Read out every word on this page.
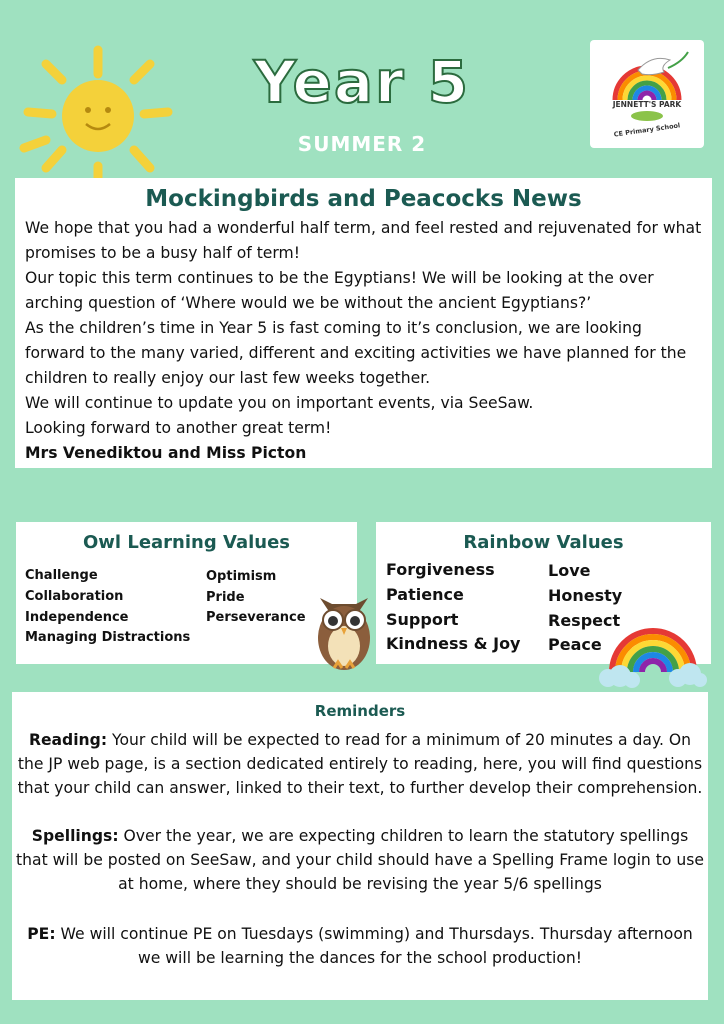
Year 5
SUMMER 2
JENNETT'S PARK
CE Primary School
Mockingbirds and Peacocks News
We hope that you had a wonderful half term, and feel rested and rejuvenated for what promises to be a busy half of term!
Our topic this term continues to be the Egyptians! We will be looking at the over arching question of ‘Where would we be without the ancient Egyptians?’
As the children’s time in Year 5 is fast coming to it’s conclusion, we are looking forward to the many varied, different and exciting activities we have planned for the children to really enjoy our last few weeks together.
We will continue to update you on important events, via SeeSaw.
Looking forward to another great term!
Mrs Venediktou and Miss Picton
Owl Learning Values
Challenge
Collaboration
Independence
Managing Distractions
Optimism
Pride
Perseverance
Rainbow Values
Forgiveness
Patience
Support
Kindness & Joy
Love
Honesty
Respect
Peace
Reminders
Reading: Your child will be expected to read for a minimum of 20 minutes a day. On the JP web page, is a section dedicated entirely to reading, here, you will find questions that your child can answer, linked to their text, to further develop their comprehension.
Spellings: Over the year, we are expecting children to learn the statutory spellings that will be posted on SeeSaw, and your child should have a Spelling Frame login to use at home, where they should be revising the year 5/6 spellings
PE: We will continue PE on Tuesdays (swimming) and Thursdays. Thursday afternoon we will be learning the dances for the school production!
